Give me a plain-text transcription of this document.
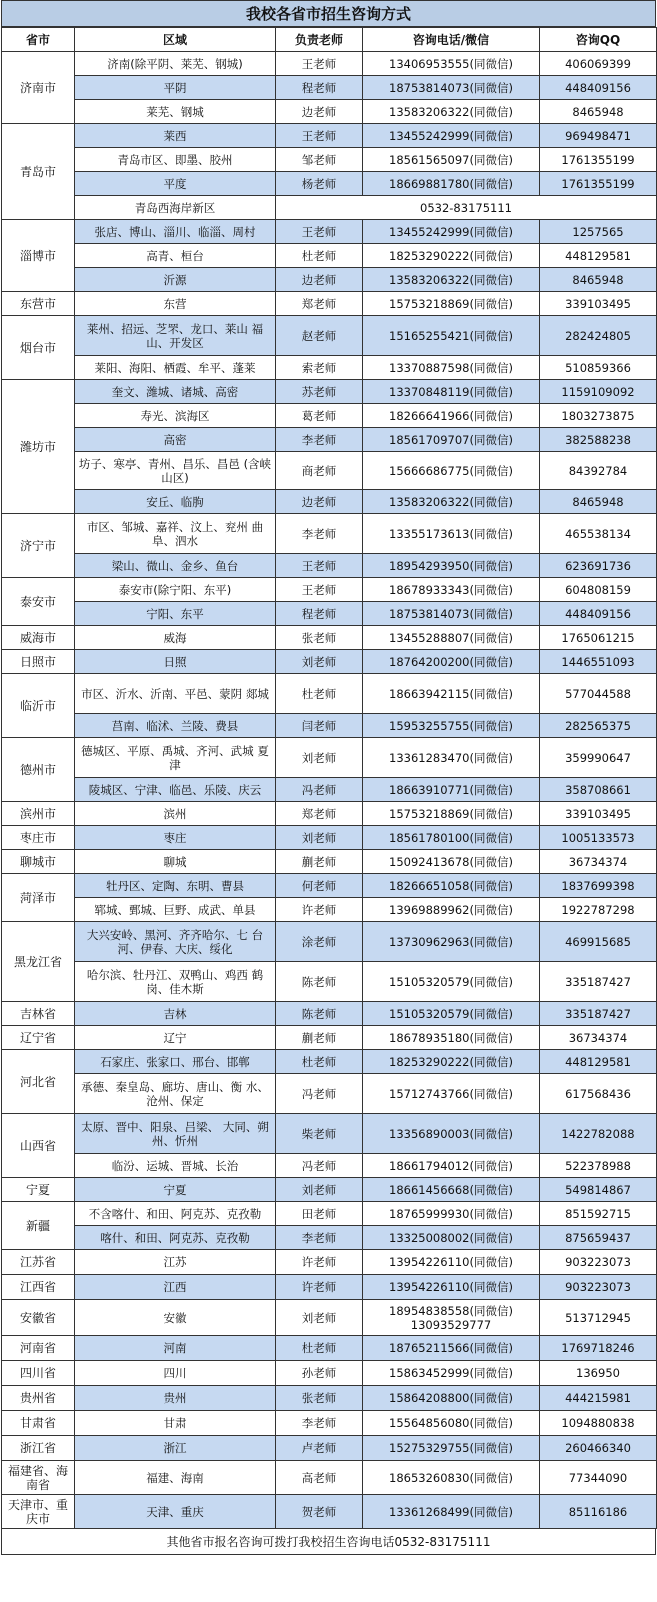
我校各省市招生咨询方式
省市	区域	负责老师	咨询电话/微信	咨询QQ
济南市	济南(除平阴、莱芜、钢城)	王老师	13406953555(同微信)	406069399
	平阴	程老师	18753814073(同微信)	448409156
	莱芜、钢城	边老师	13583206322(同微信)	8465948
青岛市	莱西	王老师	13455242999(同微信)	969498471
	青岛市区、即墨、胶州	邹老师	18561565097(同微信)	1761355199
	平度	杨老师	18669881780(同微信)	1761355199
	青岛西海岸新区	0532-83175111		
淄博市	张店、博山、淄川、临淄、周村	王老师	13455242999(同微信)	1257565
	高青、桓台	杜老师	18253290222(同微信)	448129581
	沂源	边老师	13583206322(同微信)	8465948
东营市	东营	郑老师	15753218869(同微信)	339103495
烟台市	莱州、招远、芝罘、龙口、莱山 福山、开发区	赵老师	15165255421(同微信)	282424805
	莱阳、海阳、栖霞、牟平、蓬莱	索老师	13370887598(同微信)	510859366
潍坊市	奎文、潍城、诸城、高密	苏老师	13370848119(同微信)	1159109092
	寿光、滨海区	葛老师	18266641966(同微信)	1803273875
	高密	李老师	18561709707(同微信)	382588238
	坊子、寒亭、青州、昌乐、昌邑 (含峡山区)	商老师	15666686775(同微信)	84392784
	安丘、临朐	边老师	13583206322(同微信)	8465948
济宁市	市区、邹城、嘉祥、汶上、兖州 曲阜、泗水	李老师	13355173613(同微信)	465538134
	梁山、微山、金乡、鱼台	王老师	18954293950(同微信)	623691736
泰安市	泰安市(除宁阳、东平)	王老师	18678933343(同微信)	604808159
	宁阳、东平	程老师	18753814073(同微信)	448409156
威海市	威海	张老师	13455288807(同微信)	1765061215
日照市	日照	刘老师	18764200200(同微信)	1446551093
临沂市	市区、沂水、沂南、平邑、蒙阴 郯城	杜老师	18663942115(同微信)	577044588
	莒南、临沭、兰陵、费县	闫老师	15953255755(同微信)	282565375
德州市	德城区、平原、禹城、齐河、武城 夏津	刘老师	13361283470(同微信)	359990647
	陵城区、宁津、临邑、乐陵、庆云	冯老师	18663910771(同微信)	358708661
滨州市	滨州	郑老师	15753218869(同微信)	339103495
枣庄市	枣庄	刘老师	18561780100(同微信)	1005133573
聊城市	聊城	蒯老师	15092413678(同微信)	36734374
菏泽市	牡丹区、定陶、东明、曹县	何老师	18266651058(同微信)	1837699398
	郓城、鄄城、巨野、成武、单县	许老师	13969889962(同微信)	1922787298
黑龙江省	大兴安岭、黑河、齐齐哈尔、七 台河、伊春、大庆、绥化	涂老师	13730962963(同微信)	469915685
	哈尔滨、牡丹江、双鸭山、鸡西 鹤岗、佳木斯	陈老师	15105320579(同微信)	335187427
吉林省	吉林	陈老师	15105320579(同微信)	335187427
辽宁省	辽宁	蒯老师	18678935180(同微信)	36734374
河北省	石家庄、张家口、邢台、邯郸	杜老师	18253290222(同微信)	448129581
	承德、秦皇岛、廊坊、唐山、衡 水、沧州、保定	冯老师	15712743766(同微信)	617568436
山西省	太原、晋中、阳泉、吕梁、 大同、朔州、忻州	柴老师	13356890003(同微信)	1422782088
	临汾、运城、晋城、长治	冯老师	18661794012(同微信)	522378988
宁夏	宁夏	刘老师	18661456668(同微信)	549814867
新疆	不含喀什、和田、阿克苏、克孜勒	田老师	18765999930(同微信)	851592715
	喀什、和田、阿克苏、克孜勒	李老师	13325008002(同微信)	875659437
江苏省	江苏	许老师	13954226110(同微信)	903223073
江西省	江西	许老师	13954226110(同微信)	903223073
安徽省	安徽	刘老师	18954838558(同微信) 13093529777	513712945
河南省	河南	杜老师	18765211566(同微信)	1769718246
四川省	四川	孙老师	15863452999(同微信)	136950
贵州省	贵州	张老师	15864208800(同微信)	444215981
甘肃省	甘肃	李老师	15564856080(同微信)	1094880838
浙江省	浙江	卢老师	15275329755(同微信)	260466340
福建省、海南省	福建、海南	高老师	18653260830(同微信)	77344090
天津市、重庆市	天津、重庆	贺老师	13361268499(同微信)	85116186
其他省市报名咨询可拨打我校招生咨询电话0532-83175111
